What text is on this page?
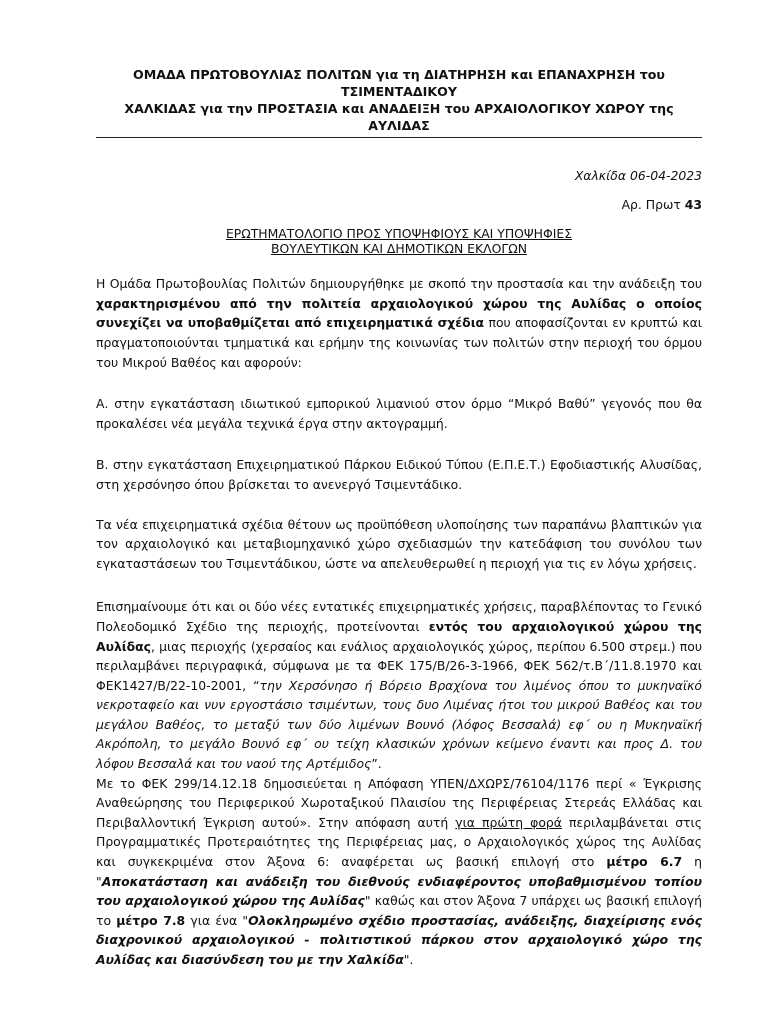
ΟΜΑΔΑ ΠΡΩΤΟΒΟΥΛΙΑΣ ΠΟΛΙΤΩΝ για τη ΔΙΑΤΗΡΗΣΗ και ΕΠΑΝΑΧΡΗΣΗ του ΤΣΙΜΕΝΤΑΔΙΚΟΥ
ΧΑΛΚΙΔΑΣ για την ΠΡΟΣΤΑΣΙΑ και ΑΝΑΔΕΙΞΗ του ΑΡΧΑΙΟΛΟΓΙΚΟΥ ΧΩΡΟΥ της ΑΥΛΙΔΑΣ
Χαλκίδα 06-04-2023
Αρ. Πρωτ 43
ΕΡΩΤΗΜΑΤΟΛΟΓΙΟ ΠΡΟΣ ΥΠΟΨΗΦΙΟΥΣ ΚΑΙ ΥΠΟΨΗΦΙΕΣ
ΒΟΥΛΕΥΤΙΚΩΝ ΚΑΙ ΔΗΜΟΤΙΚΩΝ ΕΚΛΟΓΩΝ

Η Ομάδα Πρωτοβουλίας Πολιτών δημιουργήθηκε με σκοπό την προστασία και την ανάδειξη του χαρακτηρισμένου από την πολιτεία αρχαιολογικού χώρου της Αυλίδας ο οποίος συνεχίζει να υποβαθμίζεται από επιχειρηματικά σχέδια που αποφασίζονται εν κρυπτώ και πραγματοποιούνται τμηματικά και ερήμην της κοινωνίας των πολιτών στην περιοχή του όρμου του Μικρού Βαθέος και αφορούν:

Α. στην εγκατάσταση ιδιωτικού εμπορικού λιμανιού στον όρμο “Μικρό Βαθύ” γεγονός που θα προκαλέσει νέα μεγάλα τεχνικά έργα στην ακτογραμμή.

Β. στην εγκατάσταση Επιχειρηματικού Πάρκου Ειδικού Τύπου (Ε.Π.Ε.Τ.) Εφοδιαστικής Αλυσίδας, στη χερσόνησο όπου βρίσκεται το ανενεργό Τσιμεντάδικο.

Τα νέα επιχειρηματικά σχέδια θέτουν ως προϋπόθεση υλοποίησης των παραπάνω βλαπτικών για τον αρχαιολογικό και μεταβιομηχανικό χώρο σχεδιασμών την κατεδάφιση του συνόλου των εγκαταστάσεων του Τσιμεντάδικου, ώστε να απελευθερωθεί η περιοχή για τις εν λόγω χρήσεις.

Επισημαίνουμε ότι και οι δύο νέες εντατικές επιχειρηματικές χρήσεις, παραβλέποντας το Γενικό Πολεοδομικό Σχέδιο της περιοχής, προτείνονται εντός του αρχαιολογικού χώρου της Αυλίδας, μιας περιοχής (χερσαίος και ενάλιος αρχαιολογικός χώρος, περίπου 6.500 στρεμ.) που περιλαμβάνει περιγραφικά, σύμφωνα με τα ΦΕΚ 175/Β/26-3-1966, ΦΕΚ 562/τ.Β΄/11.8.1970 και ΦΕΚ1427/Β/22-10-2001, “την Χερσόνησο ή Βόρειο Βραχίονα του λιμένος όπου το μυκηναϊκό νεκροταφείο και νυν εργοστάσιο τσιμέντων, τους δυο Λιμένας ήτοι του μικρού Βαθέος και του μεγάλου Βαθέος, το μεταξύ των δύο λιμένων Βουνό (λόφος Βεσσαλά) εφ΄ ου η Μυκηναϊκή Ακρόπολη, το μεγάλο Βουνό εφ΄ ου τείχη κλασικών χρόνων κείμενο έναντι και προς Δ. του λόφου Βεσσαλά και του ναού της Αρτέμιδος”.

Με το ΦΕΚ 299/14.12.18 δημοσιεύεται η Απόφαση ΥΠΕΝ/ΔΧΩΡΣ/76104/1176 περί « Έγκρισης Αναθεώρησης του Περιφερικού Χωροταξικού Πλαισίου της Περιφέρειας Στερεάς Ελλάδας και Περιβαλλοντική Έγκριση αυτού». Στην απόφαση αυτή για πρώτη φορά περιλαμβάνεται στις Προγραμματικές Προτεραιότητες της Περιφέρειας μας, ο Αρχαιολογικός χώρος της Αυλίδας και συγκεκριμένα στον Άξονα 6: αναφέρεται ως βασική επιλογή στο μέτρο 6.7 η "Αποκατάσταση και ανάδειξη του διεθνούς ενδιαφέροντος υποβαθμισμένου τοπίου του αρχαιολογικού χώρου της Αυλίδας" καθώς και στον Άξονα 7 υπάρχει ως βασική επιλογή το μέτρο 7.8 για ένα "Ολοκληρωμένο σχέδιο προστασίας, ανάδειξης, διαχείρισης ενός διαχρονικού αρχαιολογικού - πολιτιστικού πάρκου στον αρχαιολογικό χώρο της Αυλίδας και διασύνδεση του με την Χαλκίδα".
